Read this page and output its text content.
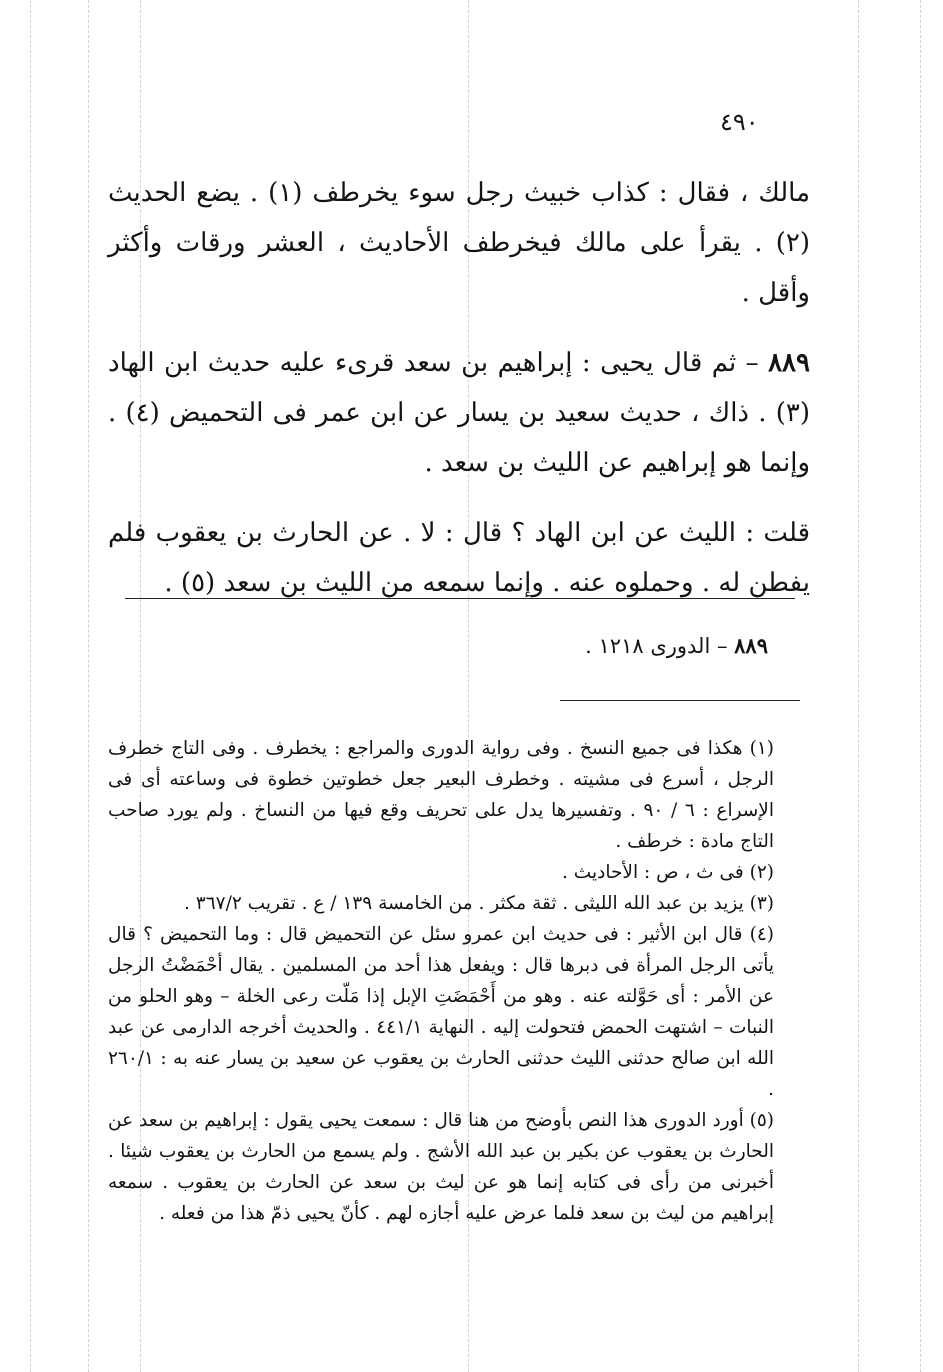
٤٩٠

مالك ، فقال : كذاب خبيث رجل سوء يخرطف (١) . يضع الحديث (٢) . يقرأ على مالك فيخرطف الأحاديث ، العشر ورقات وأكثر وأقل .

٨٨٩ – ثم قال يحيى : إبراهيم بن سعد قرىء عليه حديث ابن الهاد (٣) . ذاك ، حديث سعيد بن يسار عن ابن عمر فى التحميض (٤) . وإنما هو إبراهيم عن الليث بن سعد .

قلت : الليث عن ابن الهاد ؟ قال : لا . عن الحارث بن يعقوب فلم يفطن له . وحملوه عنه . وإنما سمعه من الليث بن سعد (٥) .

٨٨٩ – الدورى ١٢١٨ .

(١) هكذا فى جميع النسخ . وفى رواية الدورى والمراجع : يخطرف . وفى التاج خطرف الرجل ، أسرع فى مشيته . وخطرف البعير جعل خطوتين خطوة فى وساعته أى فى الإسراع : ٦ / ٩٠ . وتفسيرها يدل على تحريف وقع فيها من النساخ . ولم يورد صاحب التاج مادة : خرطف .

(٢) فى ث ، ص : الأحاديث .

(٣) يزيد بن عبد الله الليثى . ثقة مكثر . من الخامسة ١٣٩ / ع . تقريب ٣٦٧/٢ .

(٤) قال ابن الأثير : فى حديث ابن عمرو سئل عن التحميض قال : وما التحميض ؟ قال يأتى الرجل المرأة فى دبرها قال : ويفعل هذا أحد من المسلمين . يقال أحْمَضْتُ الرجل عن الأمر : أى حَوَّلته عنه . وهو من أَحْمَضَتِ الإبل إذا مَلّت رعى الخلة – وهو الحلو من النبات – اشتهت الحمض فتحولت إليه . النهاية ٤٤١/١ . والحديث أخرجه الدارمى عن عبد الله ابن صالح حدثنى الليث حدثنى الحارث بن يعقوب عن سعيد بن يسار عنه به : ٢٦٠/١ .

(٥) أورد الدورى هذا النص بأوضح من هنا قال : سمعت يحيى يقول : إبراهيم بن سعد عن الحارث بن يعقوب عن بكير بن عبد الله الأشج . ولم يسمع من الحارث بن يعقوب شيئا . أخبرنى من رأى فى كتابه إنما هو عن ليث بن سعد عن الحارث بن يعقوب . سمعه إبراهيم من ليث بن سعد فلما عرض عليه أجازه لهم . كأنّ يحيى ذمّ هذا من فعله .
